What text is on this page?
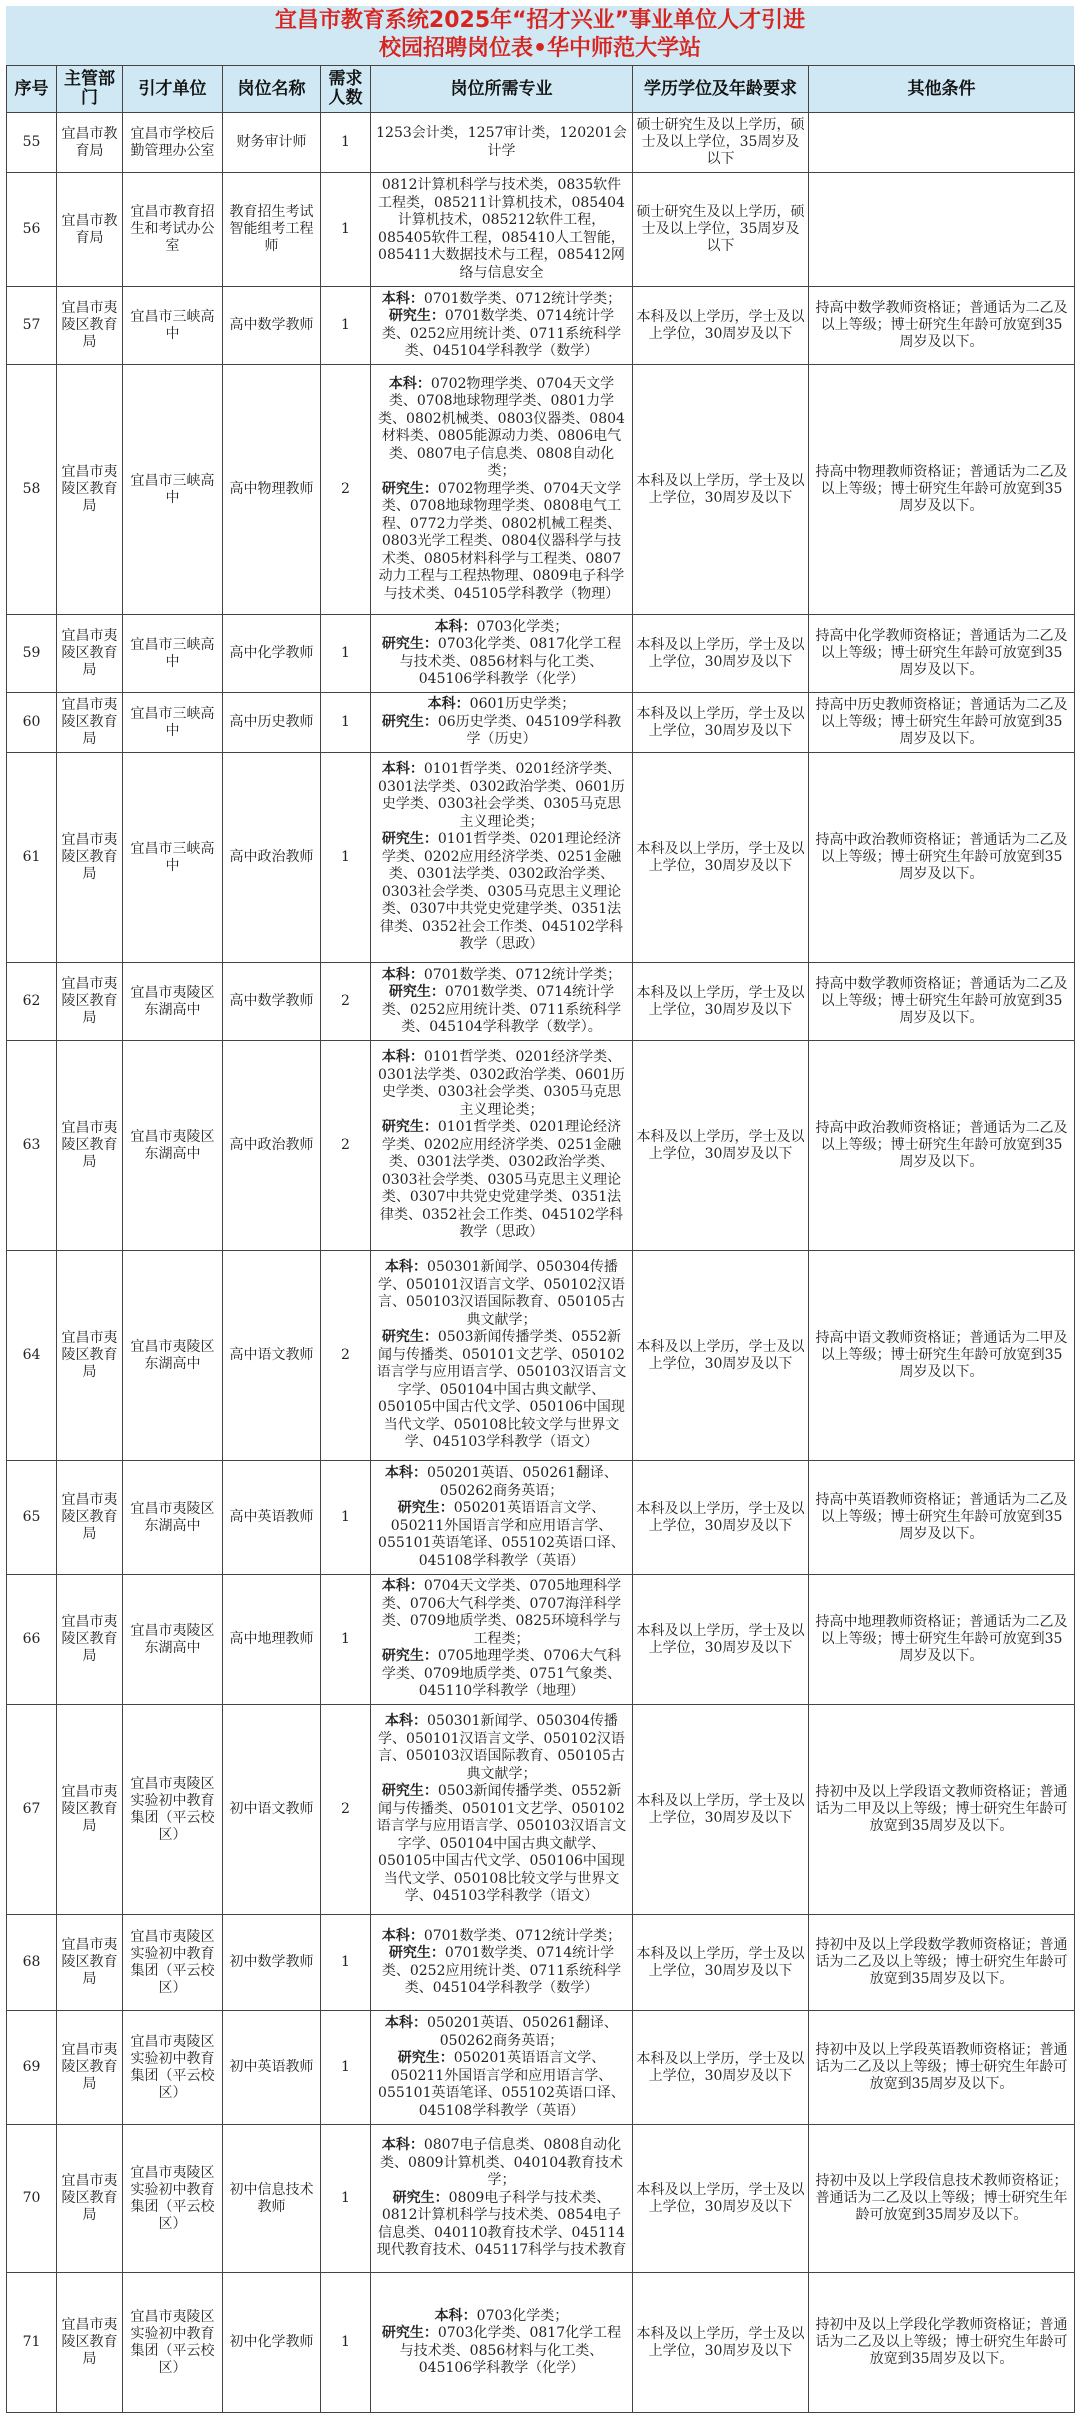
宜昌市教育系统2025年“招才兴业”事业单位人才引进
校园招聘岗位表•华中师范大学站
序号	主管部门	引才单位	岗位名称	需求人数	岗位所需专业	学历学位及年龄要求	其他条件
55	宜昌市教育局	宜昌市学校后勤管理办公室	财务审计师	1	1253会计类，1257审计类，120201会计学	硕士研究生及以上学历，硕士及以上学位，35周岁及以下	

56	宜昌市教育局	宜昌市教育招生和考试办公室	教育招生考试智能组考工程师	1	0812计算机科学与技术类，0835软件工程类，085211计算机技术，085404计算机技术，085212软件工程，085405软件工程，085410人工智能，085411大数据技术与工程，085412网络与信息安全	硕士研究生及以上学历，硕士及以上学位，35周岁及以下	

57	宜昌市夷陵区教育局	宜昌市三峡高中	高中数学教师	1	本科：0701数学类、0712统计学类；
研究生：0701数学类、0714统计学类、0252应用统计类、0711系统科学类、045104学科教学（数学）	本科及以上学历，学士及以上学位，30周岁及以下	持高中数学教师资格证；普通话为二乙及以上等级；博士研究生年龄可放宽到35周岁及以下。

58	宜昌市夷陵区教育局	宜昌市三峡高中	高中物理教师	2	本科：0702物理学类、0704天文学类、0708地球物理学类、0801力学类、0802机械类、0803仪器类、0804材料类、0805能源动力类、0806电气类、0807电子信息类、0808自动化类；
研究生：0702物理学类、0704天文学类、0708地球物理学类、0808电气工程、0772力学类、0802机械工程类、0803光学工程类、0804仪器科学与技术类、0805材料科学与工程类、0807动力工程与工程热物理、0809电子科学与技术类、045105学科教学（物理）	本科及以上学历，学士及以上学位，30周岁及以下	持高中物理教师资格证；普通话为二乙及以上等级；博士研究生年龄可放宽到35周岁及以下。

59	宜昌市夷陵区教育局	宜昌市三峡高中	高中化学教师	1	本科：0703化学类；
研究生：0703化学类、0817化学工程与技术类、0856材料与化工类、045106学科教学（化学）	本科及以上学历，学士及以上学位，30周岁及以下	持高中化学教师资格证；普通话为二乙及以上等级；博士研究生年龄可放宽到35周岁及以下。

60	宜昌市夷陵区教育局	宜昌市三峡高中	高中历史教师	1	本科：0601历史学类；
研究生：06历史学类、045109学科教学（历史）	本科及以上学历，学士及以上学位，30周岁及以下	持高中历史教师资格证；普通话为二乙及以上等级；博士研究生年龄可放宽到35周岁及以下。

61	宜昌市夷陵区教育局	宜昌市三峡高中	高中政治教师	1	本科：0101哲学类、0201经济学类、0301法学类、0302政治学类、0601历史学类、0303社会学类、0305马克思主义理论类；
研究生：0101哲学类、0201理论经济学类、0202应用经济学类、0251金融类、0301法学类、0302政治学类、0303社会学类、0305马克思主义理论类、0307中共党史党建学类、0351法律类、0352社会工作类、045102学科教学（思政）	本科及以上学历，学士及以上学位，30周岁及以下	持高中政治教师资格证；普通话为二乙及以上等级；博士研究生年龄可放宽到35周岁及以下。

62	宜昌市夷陵区教育局	宜昌市夷陵区东湖高中	高中数学教师	2	本科：0701数学类、0712统计学类；
研究生：0701数学类、0714统计学类、0252应用统计类、0711系统科学类、045104学科教学（数学）。	本科及以上学历，学士及以上学位，30周岁及以下	持高中数学教师资格证；普通话为二乙及以上等级；博士研究生年龄可放宽到35周岁及以下。

63	宜昌市夷陵区教育局	宜昌市夷陵区东湖高中	高中政治教师	2	本科：0101哲学类、0201经济学类、0301法学类、0302政治学类、0601历史学类、0303社会学类、0305马克思主义理论类；
研究生：0101哲学类、0201理论经济学类、0202应用经济学类、0251金融类、0301法学类、0302政治学类、0303社会学类、0305马克思主义理论类、0307中共党史党建学类、0351法律类、0352社会工作类、045102学科教学（思政）	本科及以上学历，学士及以上学位，30周岁及以下	持高中政治教师资格证；普通话为二乙及以上等级；博士研究生年龄可放宽到35周岁及以下。

64	宜昌市夷陵区教育局	宜昌市夷陵区东湖高中	高中语文教师	2	本科：050301新闻学、050304传播学、050101汉语言文学、050102汉语言、050103汉语国际教育、050105古典文献学；
研究生：0503新闻传播学类、0552新闻与传播类、050101文艺学、050102语言学与应用语言学、050103汉语言文字学、050104中国古典文献学、050105中国古代文学、050106中国现当代文学、050108比较文学与世界文学、045103学科教学（语文）	本科及以上学历，学士及以上学位，30周岁及以下	持高中语文教师资格证；普通话为二甲及以上等级；博士研究生年龄可放宽到35周岁及以下。

65	宜昌市夷陵区教育局	宜昌市夷陵区东湖高中	高中英语教师	1	本科：050201英语、050261翻译、050262商务英语；
研究生：050201英语语言文学、050211外国语言学和应用语言学、055101英语笔译、055102英语口译、045108学科教学（英语）	本科及以上学历，学士及以上学位，30周岁及以下	持高中英语教师资格证；普通话为二乙及以上等级；博士研究生年龄可放宽到35周岁及以下。

66	宜昌市夷陵区教育局	宜昌市夷陵区东湖高中	高中地理教师	1	本科：0704天文学类、0705地理科学类、0706大气科学类、0707海洋科学类、0709地质学类、0825环境科学与工程类；
研究生：0705地理学类、0706大气科学类、0709地质学类、0751气象类、045110学科教学（地理）	本科及以上学历，学士及以上学位，30周岁及以下	持高中地理教师资格证；普通话为二乙及以上等级；博士研究生年龄可放宽到35周岁及以下。

67	宜昌市夷陵区教育局	宜昌市夷陵区实验初中教育集团（平云校区）	初中语文教师	2	本科：050301新闻学、050304传播学、050101汉语言文学、050102汉语言、050103汉语国际教育、050105古典文献学；
研究生：0503新闻传播学类、0552新闻与传播类、050101文艺学、050102语言学与应用语言学、050103汉语言文字学、050104中国古典文献学、050105中国古代文学、050106中国现当代文学、050108比较文学与世界文学、045103学科教学（语文）	本科及以上学历，学士及以上学位，30周岁及以下	持初中及以上学段语文教师资格证；普通话为二甲及以上等级；博士研究生年龄可放宽到35周岁及以下。

68	宜昌市夷陵区教育局	宜昌市夷陵区实验初中教育集团（平云校区）	初中数学教师	1	本科：0701数学类、0712统计学类；
研究生：0701数学类、0714统计学类、0252应用统计类、0711系统科学类、045104学科教学（数学）	本科及以上学历，学士及以上学位，30周岁及以下	持初中及以上学段数学教师资格证；普通话为二乙及以上等级；博士研究生年龄可放宽到35周岁及以下。

69	宜昌市夷陵区教育局	宜昌市夷陵区实验初中教育集团（平云校区）	初中英语教师	1	本科：050201英语、050261翻译、050262商务英语；
研究生：050201英语语言文学、050211外国语言学和应用语言学、055101英语笔译、055102英语口译、045108学科教学（英语）	本科及以上学历，学士及以上学位，30周岁及以下	持初中及以上学段英语教师资格证；普通话为二乙及以上等级；博士研究生年龄可放宽到35周岁及以下。

70	宜昌市夷陵区教育局	宜昌市夷陵区实验初中教育集团（平云校区）	初中信息技术教师	1	本科：0807电子信息类、0808自动化类、0809计算机类、040104教育技术学；
研究生：0809电子科学与技术类、0812计算机科学与技术类、0854电子信息类、040110教育技术学、045114现代教育技术、045117科学与技术教育	本科及以上学历，学士及以上学位，30周岁及以下	持初中及以上学段信息技术教师资格证；普通话为二乙及以上等级；博士研究生年龄可放宽到35周岁及以下。

71	宜昌市夷陵区教育局	宜昌市夷陵区实验初中教育集团（平云校区）	初中化学教师	1	本科：0703化学类；
研究生：0703化学类、0817化学工程与技术类、0856材料与化工类、045106学科教学（化学）	本科及以上学历，学士及以上学位，30周岁及以下	持初中及以上学段化学教师资格证；普通话为二乙及以上等级；博士研究生年龄可放宽到35周岁及以下。
